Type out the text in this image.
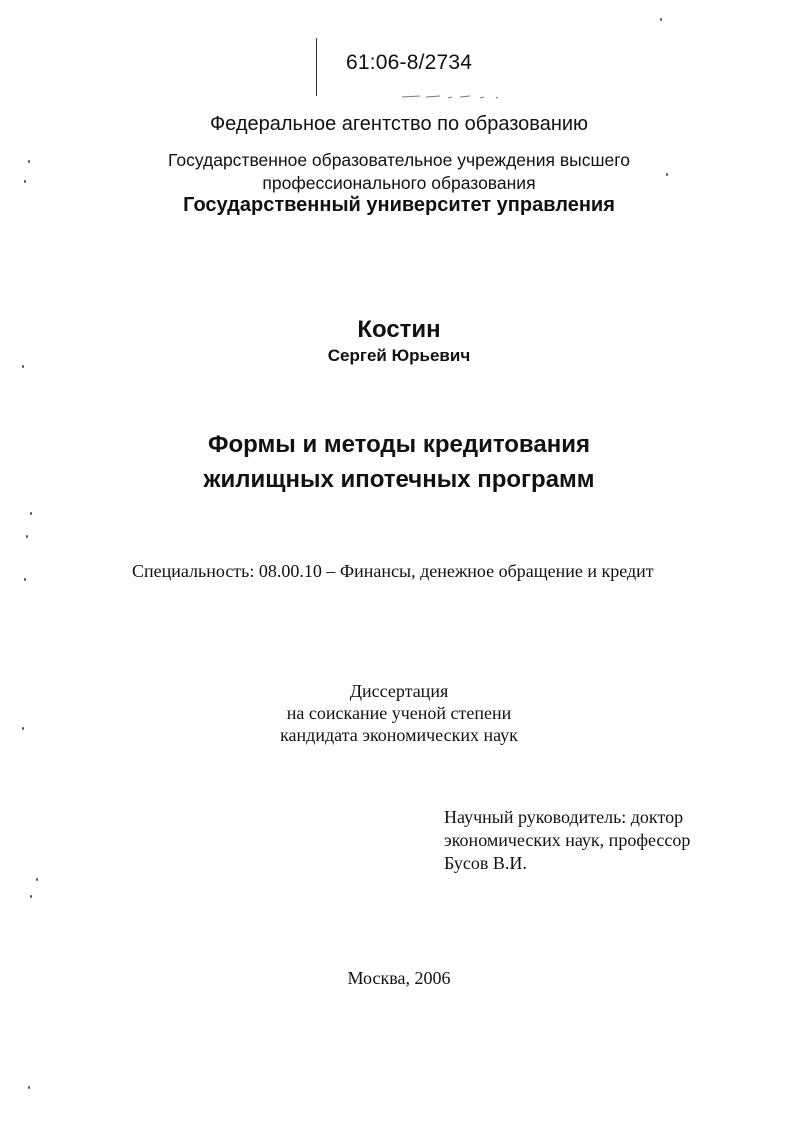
61:06-8/2734
Федеральное агентство по образованию
Государственное образовательное учреждения высшего
профессионального образования
Государственный университет управления
Костин
Сергей Юрьевич
Формы и методы кредитования
жилищных ипотечных программ
Специальность: 08.00.10 – Финансы, денежное обращение и кредит
Диссертация
на соискание ученой степени
кандидата экономических наук
Научный руководитель: доктор
экономических наук, профессор
Бусов В.И.
Москва, 2006
